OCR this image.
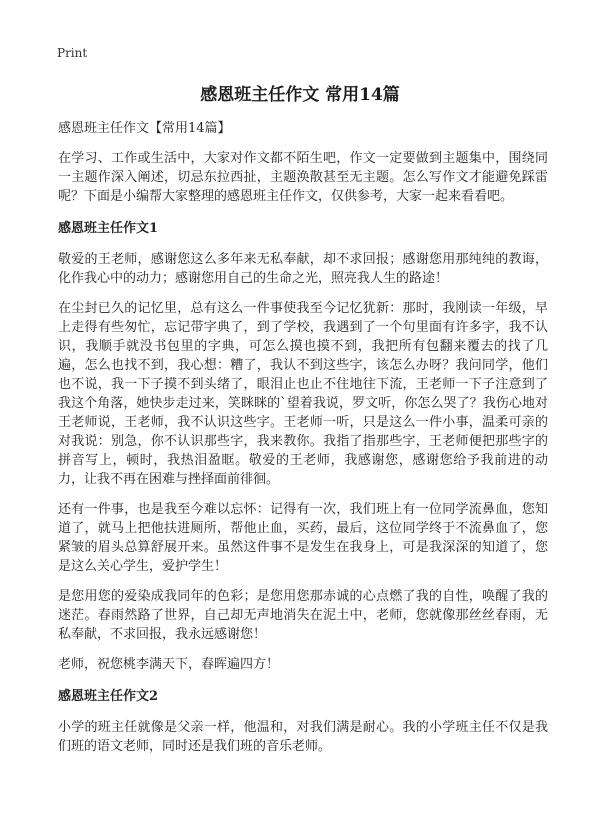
Print
感恩班主任作文 常用14篇
感恩班主任作文【常用14篇】

在学习、工作或生活中，大家对作文都不陌生吧，作文一定要做到主题集中，围绕同一主题作深入阐述，切忌东拉西扯，主题涣散甚至无主题。怎么写作文才能避免踩雷呢？下面是小编帮大家整理的感恩班主任作文，仅供参考，大家一起来看看吧。

感恩班主任作文1

敬爱的王老师，感谢您这么多年来无私奉献，却不求回报；感谢您用那纯纯的教诲，化作我心中的动力；感谢您用自己的生命之光，照亮我人生的路途！

在尘封已久的记忆里，总有这么一件事使我至今记忆犹新：那时，我刚读一年级，早上走得有些匆忙，忘记带字典了，到了学校，我遇到了一个句里面有许多字，我不认识，我顺手就没书包里的字典，可怎么摸也摸不到，我把所有包翻来覆去的找了几遍，怎么也找不到，我心想：糟了，我认不到这些字，该怎么办呀？我问同学，他们也不说，我一下子摸不到头绪了，眼泪止也止不住地往下流，王老师一下子注意到了我这个角落，她快步走过来，笑眯眯的`望着我说，罗文听，你怎么哭了？我伤心地对王老师说，王老师，我不认识这些字。王老师一听，只是这么一件小事，温柔可亲的对我说：别急，你不认识那些字，我来教你。我指了指那些字，王老师便把那些字的拼音写上，顿时，我热泪盈眶。敬爱的王老师，我感谢您，感谢您给予我前进的动力，让我不再在困难与挫择面前徘徊。

还有一件事，也是我至今难以忘怀：记得有一次，我们班上有一位同学流鼻血，您知道了，就马上把他扶进厕所，帮他止血，买药，最后，这位同学终于不流鼻血了，您紧皱的眉头总算舒展开来。虽然这件事不是发生在我身上，可是我深深的知道了，您是这么关心学生，爱护学生！

是您用您的爱染成我同年的色彩；是您用您那赤诚的心点燃了我的自性，唤醒了我的迷茫。春雨然路了世界，自己却无声地消失在泥土中，老师，您就像那丝丝春雨，无私奉献，不求回报，我永远感谢您！

老师，祝您桃李满天下，春晖遍四方！

感恩班主任作文2

小学的班主任就像是父亲一样，他温和，对我们满是耐心。我的小学班主任不仅是我们班的语文老师，同时还是我们班的音乐老师。
